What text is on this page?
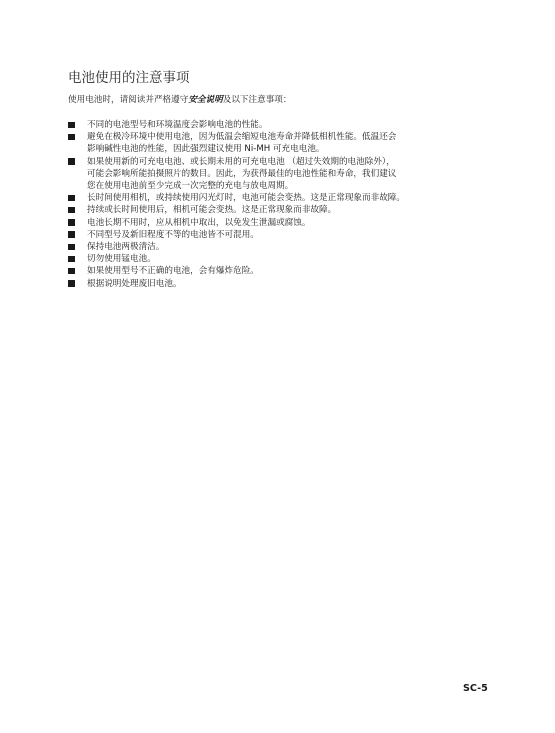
电池使用的注意事项
使用电池时，请阅读并严格遵守安全说明及以下注意事项：
不同的电池型号和环境温度会影响电池的性能。
避免在极冷环境中使用电池，因为低温会缩短电池寿命并降低相机性能。低温还会
影响碱性电池的性能，因此强烈建议使用 Ni-MH 可充电电池。
如果使用新的可充电电池、或长期未用的可充电电池 （超过失效期的电池除外），
可能会影响所能拍摄照片的数目。因此，为获得最佳的电池性能和寿命，我们建议
您在使用电池前至少完成一次完整的充电与放电周期。
长时间使用相机，或持续使用闪光灯时，电池可能会变热。这是正常现象而非故障。
持续或长时间使用后，相机可能会变热。这是正常现象而非故障。
电池长期不用时，应从相机中取出，以免发生泄漏或腐蚀。
不同型号及新旧程度不等的电池皆不可混用。
保持电池两极清洁。
切勿使用锰电池。
如果使用型号不正确的电池，会有爆炸危险。
根据说明处理废旧电池。
SC-5
